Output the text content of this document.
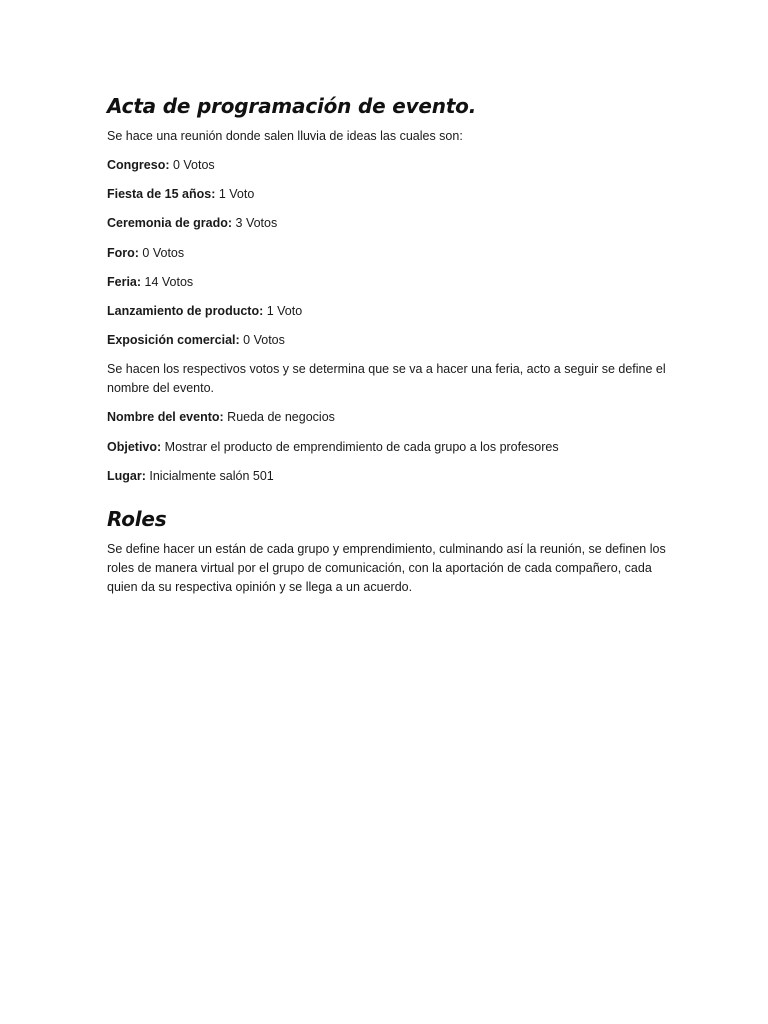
Acta de programación de evento.

Se hace una reunión donde salen lluvia de ideas las cuales son:

Congreso: 0 Votos
Fiesta de 15 años: 1 Voto
Ceremonia de grado: 3 Votos
Foro: 0 Votos
Feria: 14 Votos
Lanzamiento de producto: 1 Voto
Exposición comercial: 0 Votos

Se hacen los respectivos votos y se determina que se va a hacer una feria, acto a seguir se define el nombre del evento.

Nombre del evento: Rueda de negocios
Objetivo: Mostrar el producto de emprendimiento de cada grupo a los profesores
Lugar: Inicialmente salón 501
Roles

Se define hacer un están de cada grupo y emprendimiento, culminando así la reunión, se definen los roles de manera virtual por el grupo de comunicación, con la aportación de cada compañero, cada quien da su respectiva opinión y se llega a un acuerdo.
